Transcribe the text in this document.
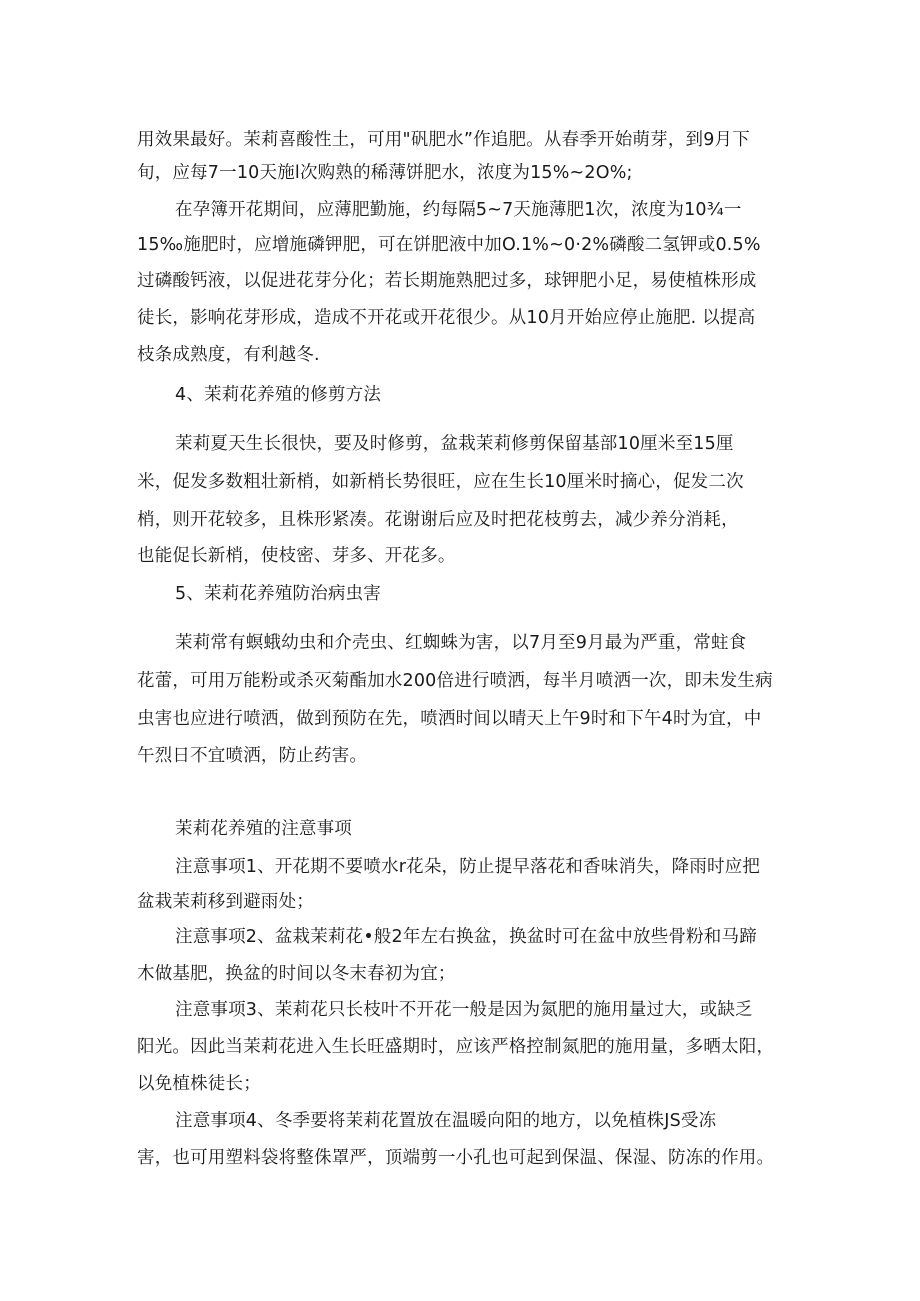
用效果最好。茉莉喜酸性土，可用"矾肥水”作追肥。从春季开始萌芽，到9月下
旬，应每7一10天施l次购熟的稀薄饼肥水，浓度为15%~2O%;
在孕簿开花期间，应薄肥勤施，约每隔5~7天施薄肥1次，浓度为10¾一
15‰施肥时，应增施磷钾肥，可在饼肥液中加O.1%~0·2%磷酸二氢钾或0.5%
过磷酸钙液，以促进花芽分化；若长期施熟肥过多，球钾肥小足，易使植株形成
徒长，影响花芽形成，造成不开花或开花很少。从10月开始应停止施肥. 以提高
枝条成熟度，有利越冬.
4、茉莉花养殖的修剪方法
茉莉夏天生长很快，要及时修剪，盆栽茉莉修剪保留基部10厘米至15厘
米，促发多数粗壮新梢，如新梢长势很旺，应在生长10厘米时摘心，促发二次
梢，则开花较多，且株形紧凑。花谢谢后应及时把花枝剪去，减少养分消耗，
也能促长新梢，使枝密、芽多、开花多。
5、茉莉花养殖防治病虫害
茉莉常有螟蛾幼虫和介壳虫、红蜘蛛为害，以7月至9月最为严重，常蛀食
花蕾，可用万能粉或杀灭菊酯加水200倍进行喷洒，每半月喷洒一次，即未发生病
虫害也应进行喷洒，做到预防在先，喷洒时间以晴天上午9时和下午4时为宜，中
午烈日不宜喷洒，防止药害。
茉莉花养殖的注意事项
注意事项1、开花期不要喷水r花朵，防止提早落花和香味消失，降雨时应把
盆栽茉莉移到避雨处；
注意事项2、盆栽茉莉花•般2年左右换盆，换盆时可在盆中放些骨粉和马蹄
木做基肥，换盆的时间以冬末春初为宜；
注意事项3、茉莉花只长枝叶不开花一般是因为氮肥的施用量过大，或缺乏
阳光。因此当茉莉花进入生长旺盛期时，应该严格控制氮肥的施用量，多晒太阳，
以免植株徒长；
注意事项4、冬季要将茉莉花置放在温暖向阳的地方，以免植株JS受冻
害，也可用塑料袋将整侏罩严，顶端剪一小孔也可起到保温、保湿、防冻的作用。
